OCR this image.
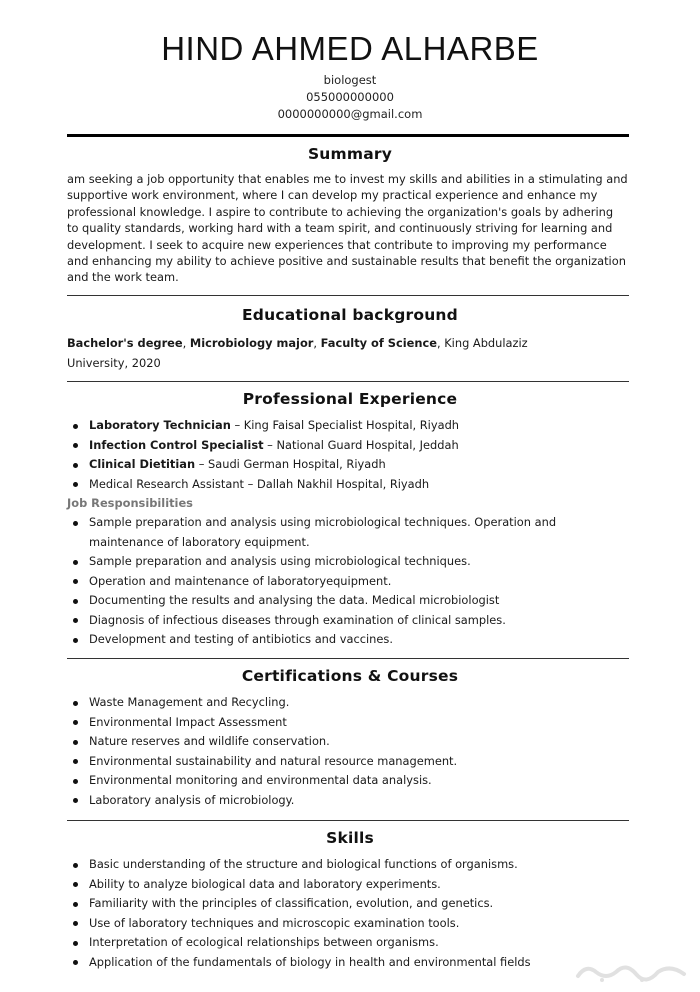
HIND AHMED ALHARBE
biologest
055000000000
0000000000@gmail.com
Summary
am seeking a job opportunity that enables me to invest my skills and abilities in a stimulating and
supportive work environment, where I can develop my practical experience and enhance my
professional knowledge. I aspire to contribute to achieving the organization's goals by adhering
to quality standards, working hard with a team spirit, and continuously striving for learning and
development. I seek to acquire new experiences that contribute to improving my performance
and enhancing my ability to achieve positive and sustainable results that benefit the organization
and the work team.
Educational background
Bachelor's degree, Microbiology major, Faculty of Science, King Abdulaziz
University, 2020
Professional Experience
Laboratory Technician – King Faisal Specialist Hospital, Riyadh
Infection Control Specialist – National Guard Hospital, Jeddah
Clinical Dietitian – Saudi German Hospital, Riyadh
Medical Research Assistant – Dallah Nakhil Hospital, Riyadh
Job Responsibilities
Sample preparation and analysis using microbiological techniques. Operation and
maintenance of laboratory equipment.
Sample preparation and analysis using microbiological techniques.
Operation and maintenance of laboratoryequipment.
Documenting the results and analysing the data. Medical microbiologist
Diagnosis of infectious diseases through examination of clinical samples.
Development and testing of antibiotics and vaccines.
Certifications & Courses
Waste Management and Recycling.
Environmental Impact Assessment
Nature reserves and wildlife conservation.
Environmental sustainability and natural resource management.
Environmental monitoring and environmental data analysis.
Laboratory analysis of microbiology.
Skills
Basic understanding of the structure and biological functions of organisms.
Ability to analyze biological data and laboratory experiments.
Familiarity with the principles of classification, evolution, and genetics.
Use of laboratory techniques and microscopic examination tools.
Interpretation of ecological relationships between organisms.
Application of the fundamentals of biology in health and environmental fields
